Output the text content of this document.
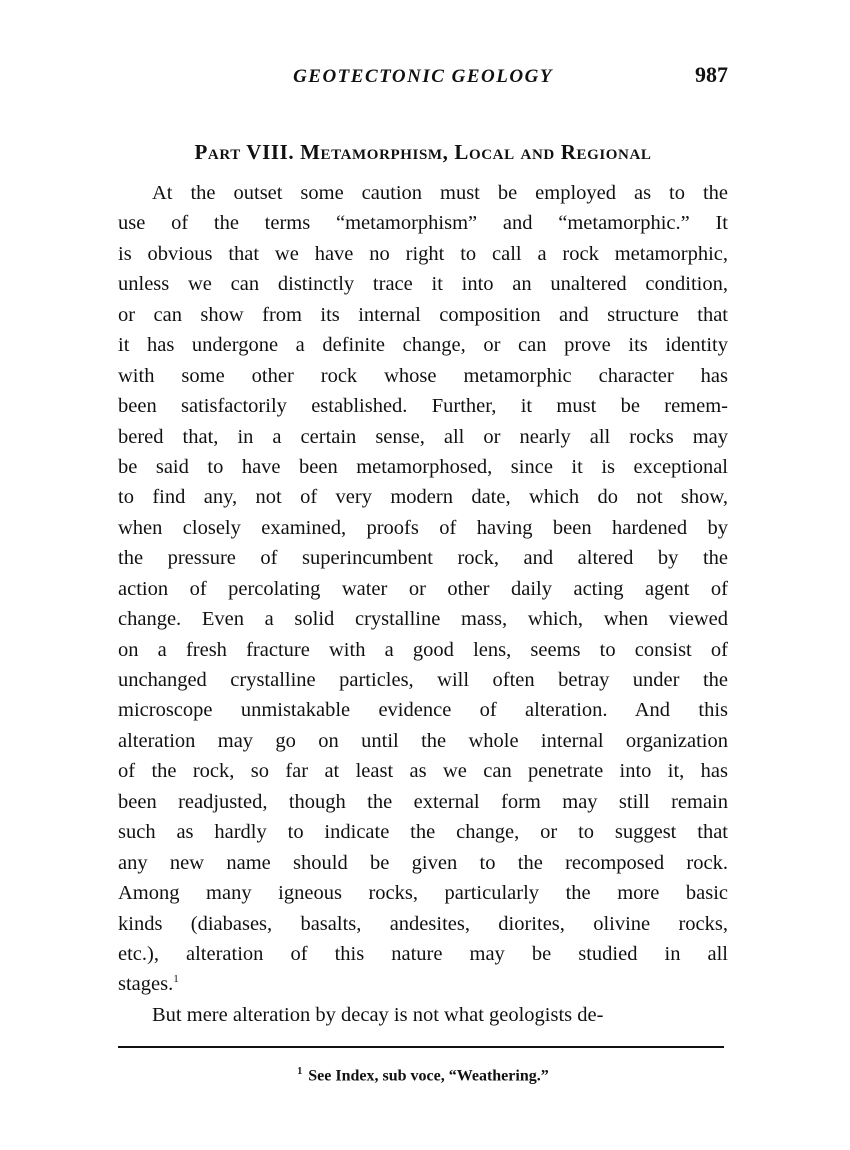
GEOTECTONIC GEOLOGY	987
Part VIII. Metamorphism, Local and Regional
At the outset some caution must be employed as to the
use of the terms “metamorphism” and “metamorphic.” It
is obvious that we have no right to call a rock metamorphic,
unless we can distinctly trace it into an unaltered condition,
or can show from its internal composition and structure that
it has undergone a definite change, or can prove its identity
with some other rock whose metamorphic character has
been satisfactorily established. Further, it must be remem-
bered that, in a certain sense, all or nearly all rocks may
be said to have been metamorphosed, since it is exceptional
to find any, not of very modern date, which do not show,
when closely examined, proofs of having been hardened by
the pressure of superincumbent rock, and altered by the
action of percolating water or other daily acting agent of
change. Even a solid crystalline mass, which, when viewed
on a fresh fracture with a good lens, seems to consist of
unchanged crystalline particles, will often betray under the
microscope unmistakable evidence of alteration. And this
alteration may go on until the whole internal organization
of the rock, so far at least as we can penetrate into it, has
been readjusted, though the external form may still remain
such as hardly to indicate the change, or to suggest that
any new name should be given to the recomposed rock.
Among many igneous rocks, particularly the more basic
kinds (diabases, basalts, andesites, diorites, olivine rocks,
etc.), alteration of this nature may be studied in all
stages.$^1$
But mere alteration by decay is not what geologists de-
$^1$ See Index, sub voce, “Weathering.”
